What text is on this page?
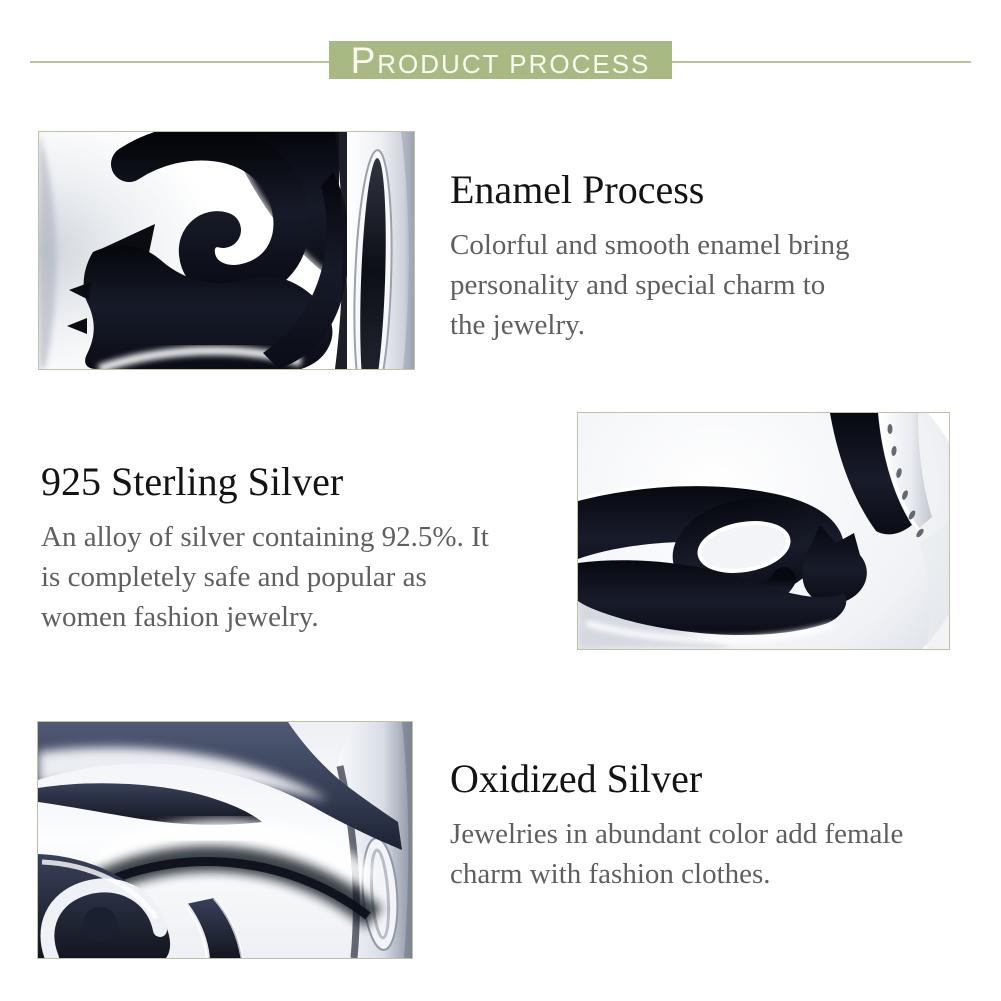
PRODUCT PROCESS
Enamel Process
Colorful and smooth enamel bring
personality and special charm to
the jewelry.
925 Sterling Silver
An alloy of silver containing 92.5%. It
is completely safe and popular as
women fashion jewelry.
Oxidized Silver
Jewelries in abundant color add female
charm with fashion clothes.
